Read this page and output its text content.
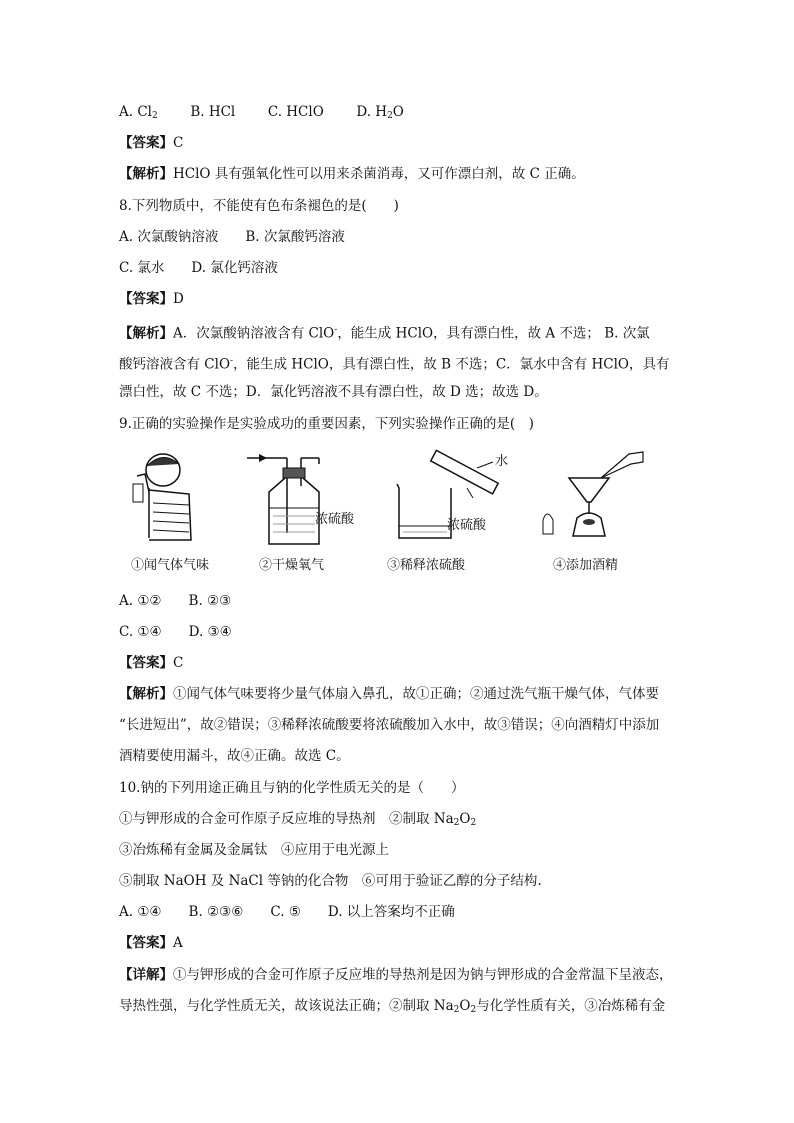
A. $Cl_2$ B. HCl C. HClO D. $H_2O$
【答案】C
【解析】HClO 具有强氧化性可以用来杀菌消毒，又可作漂白剂，故 C 正确。
8.下列物质中，不能使有色布条褪色的是(　　)
A. 次氯酸钠溶液　　B. 次氯酸钙溶液
C. 氯水　　D. 氯化钙溶液
【答案】D
【解析】A．次氯酸钠溶液含有 ClO-，能生成 HClO，具有漂白性，故 A 不选； B. 次氯
酸钙溶液含有 ClO-，能生成 HClO，具有漂白性，故 B 不选；C．氯水中含有 HClO，具有
漂白性，故 C 不选；D．氯化钙溶液不具有漂白性，故 D 选；故选 D。
9.正确的实验操作是实验成功的重要因素，下列实验操作正确的是(　)
①闻气体气味
浓硫酸
②干燥氧气
水
浓硫酸
③稀释浓硫酸	④添加酒精
A. ①②　　B. ②③
C. ①④　　D. ③④
【答案】C
【解析】①闻气体气味要将少量气体扇入鼻孔，故①正确；②通过洗气瓶干燥气体，气体要
“长进短出”，故②错误；③稀释浓硫酸要将浓硫酸加入水中，故③错误；④向酒精灯中添加
酒精要使用漏斗，故④正确。故选 C。
10.钠的下列用途正确且与钠的化学性质无关的是（　　）
①与钾形成的合金可作原子反应堆的导热剂　②制取 $Na_2O_2$
③冶炼稀有金属及金属钛　④应用于电光源上
⑤制取 NaOH 及 NaCl 等钠的化合物　⑥可用于验证乙醇的分子结构.
A. ①④　　B. ②③⑥　　C. ⑤　　D. 以上答案均不正确
【答案】A
【详解】①与钾形成的合金可作原子反应堆的导热剂是因为钠与钾形成的合金常温下呈液态，
导热性强，与化学性质无关，故该说法正确；②制取 $Na_2O_2$与化学性质有关，③冶炼稀有金
